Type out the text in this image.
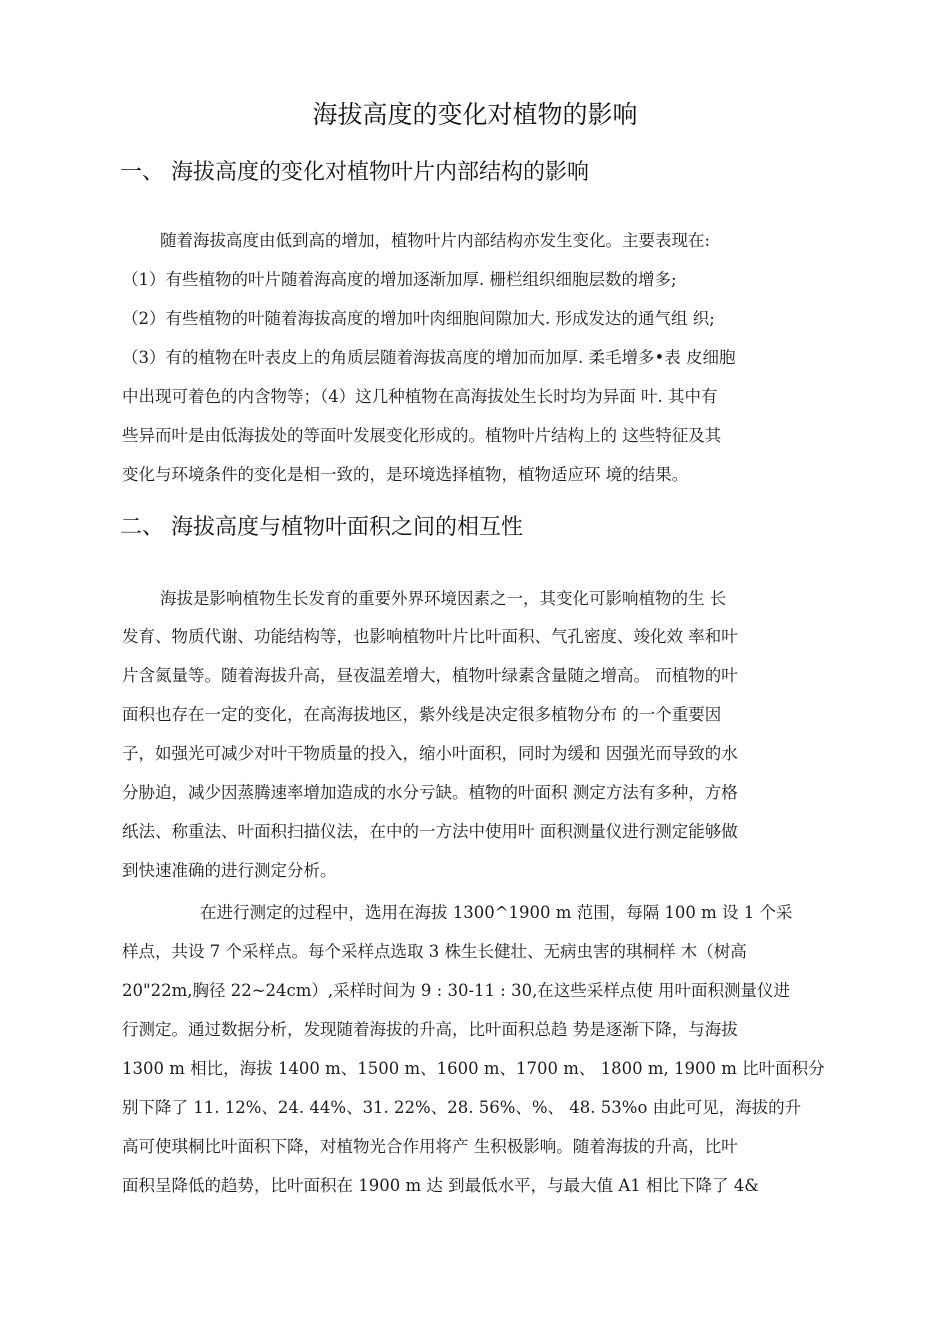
海拔高度的变化对植物的影响
一、 海拔高度的变化对植物叶片内部结构的影响
随着海拔高度由低到高的增加，植物叶片内部结构亦发生变化。主要表现在:
（1）有些植物的叶片随着海高度的增加逐渐加厚. 栅栏组织细胞层数的增多;
（2）有些植物的叶随着海拔高度的增加叶肉细胞间隙加大. 形成发达的通气组 织;
（3）有的植物在叶表皮上的角质层随着海拔高度的增加而加厚. 柔毛增多•表 皮细胞
中出现可着色的内含物等；（4）这几种植物在高海拔处生长时均为异面 叶. 其中有
些异而叶是由低海拔处的等面叶发展变化形成的。植物叶片结构上的 这些特征及其
变化与环境条件的变化是相一致的，是环境选择植物，植物适应环 境的结果。
二、 海拔高度与植物叶面积之间的相互性
海拔是影响植物生长发育的重要外界环境因素之一，其变化可影响植物的生 长
发育、物质代谢、功能结构等，也影响植物叶片比叶面积、气孔密度、竣化效 率和叶
片含氮量等。随着海拔升高，昼夜温差增大，植物叶绿素含量随之增高。 而植物的叶
面积也存在一定的变化，在高海拔地区，紫外线是决定很多植物分布 的一个重要因
子，如强光可减少对叶干物质量的投入，缩小叶面积，同时为缓和 因强光而导致的水
分胁迫，减少因蒸腾速率增加造成的水分亏缺。植物的叶面积 测定方法有多种，方格
纸法、称重法、叶面积扫描仪法，在中的一方法中使用叶 面积测量仪进行测定能够做
到快速准确的进行测定分析。
在进行测定的过程中，选用在海拔 1300^1900 m 范围，每隔 100 m 设 1 个采
样点，共设 7 个采样点。每个采样点选取 3 株生长健壮、无病虫害的琪桐样 木（树高
20"22m,胸径 22~24cm）,采样时间为 9 : 30-11 : 30,在这些采样点使 用叶面积测量仪进
行测定。通过数据分析，发现随着海拔的升高，比叶面积总趋 势是逐渐下降，与海拔
1300 m 相比，海拔 1400 m、1500 m、1600 m、1700 m、 1800 m, 1900 m 比叶面积分
别下降了 11. 12%、24. 44%、31. 22%、28. 56%、%、 48. 53%o 由此可见，海拔的升
高可使琪桐比叶面积下降，对植物光合作用将产 生积极影响。随着海拔的升高，比叶
面积呈降低的趋势，比叶面积在 1900 m 达 到最低水平，与最大值 A1 相比下降了 4&
